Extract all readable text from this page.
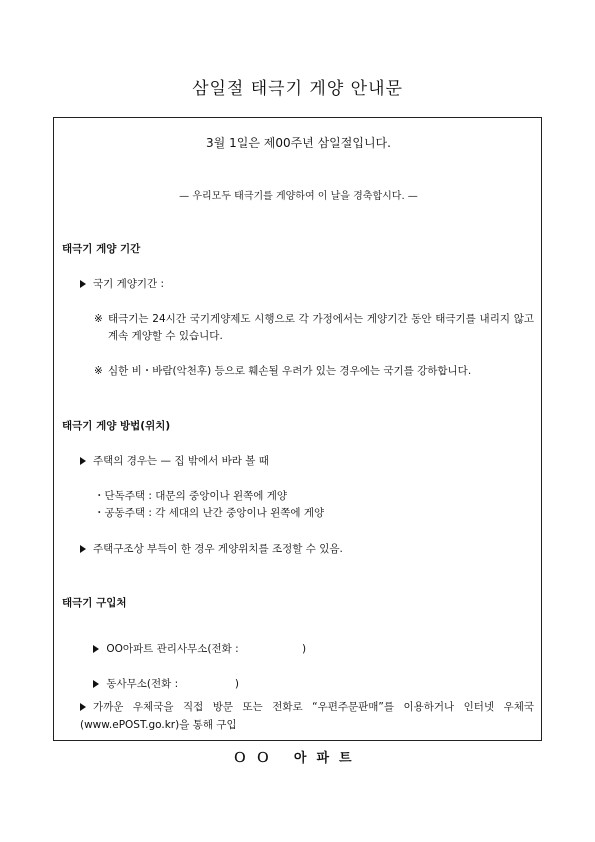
삼일절 태극기 게양 안내문
3월 1일은 제00주년 삼일절입니다.
— 우리모두 태극기를 게양하여 이 날을 경축합시다. —
태극기 게양 기간
국기 게양기간 :
※ 태극기는 24시간 국기게양제도 시행으로 각 가정에서는 게양기간 동안 태극기를 내리지 않고 계속 게양할 수 있습니다.
※ 심한 비・바람(악천후) 등으로 훼손될 우려가 있는 경우에는 국기를 강하합니다.
태극기 게양 방법(위치)
주택의 경우는 — 집 밖에서 바라 볼 때
・단독주택 : 대문의 중앙이나 왼쪽에 게양
・공동주택 : 각 세대의 난간 중앙이나 왼쪽에 게양
주택구조상 부득이 한 경우 게양위치를 조정할 수 있음.
태극기 구입처

OO아파트 관리사무소(전화 :                   )

동사무소(전화 :                 )

가까운 우체국을 직접 방문 또는 전화로 “우편주문판매”를 이용하거나 인터넷 우체국(www.ePOST.go.kr)을 통해 구입
ＯＯ 아파트
